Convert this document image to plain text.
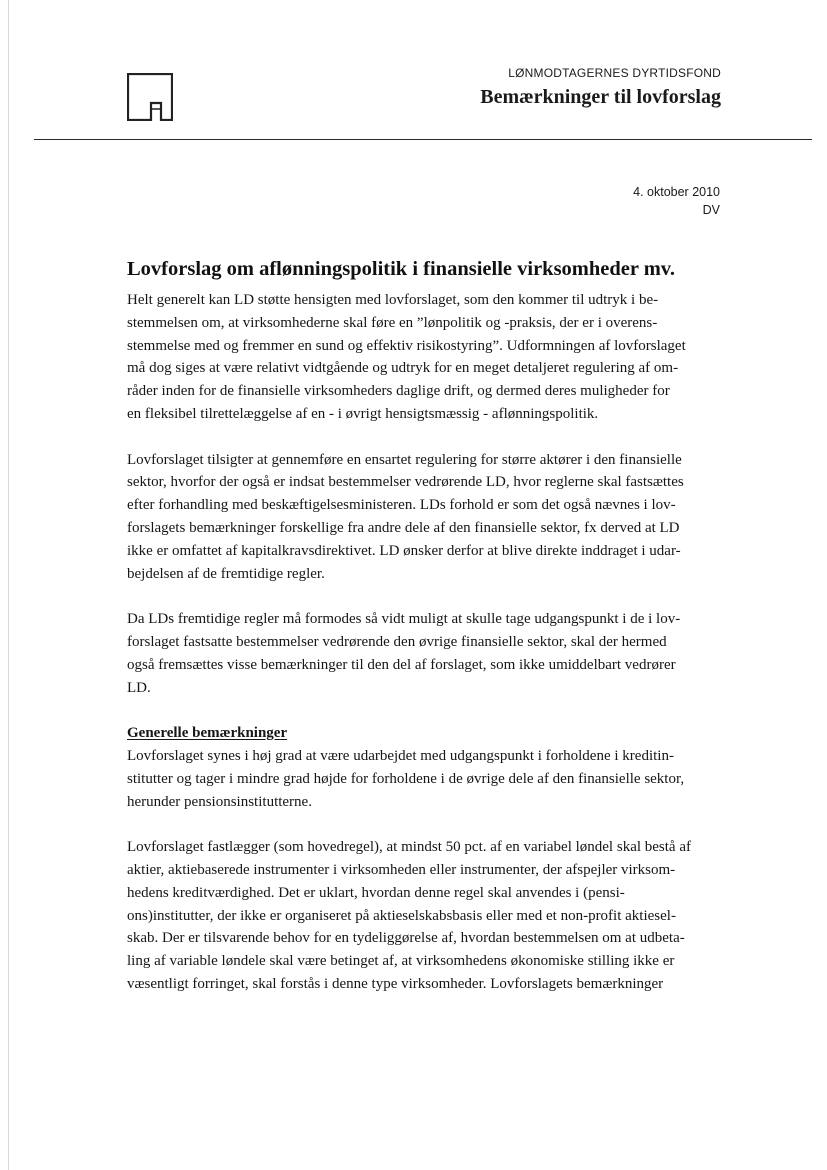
LØNMODTAGERNES DYRTIDSFOND
Bemærkninger til lovforslag
4. oktober 2010
DV
Lovforslag om aflønningspolitik i finansielle virksomheder mv.

Helt generelt kan LD støtte hensigten med lovforslaget, som den kommer til udtryk i be-
stemmelsen om, at virksomhederne skal føre en ”lønpolitik og -praksis, der er i overens-
stemmelse med og fremmer en sund og effektiv risikostyring”. Udformningen af lovforslaget
må dog siges at være relativt vidtgående og udtryk for en meget detaljeret regulering af om-
råder inden for de finansielle virksomheders daglige drift, og dermed deres muligheder for
en fleksibel tilrettelæggelse af en - i øvrigt hensigtsmæssig - aflønningspolitik.

Lovforslaget tilsigter at gennemføre en ensartet regulering for større aktører i den finansielle
sektor, hvorfor der også er indsat bestemmelser vedrørende LD, hvor reglerne skal fastsættes
efter forhandling med beskæftigelsesministeren. LDs forhold er som det også nævnes i lov-
forslagets bemærkninger forskellige fra andre dele af den finansielle sektor, fx derved at LD
ikke er omfattet af kapitalkravsdirektivet. LD ønsker derfor at blive direkte inddraget i udar-
bejdelsen af de fremtidige regler.

Da LDs fremtidige regler må formodes så vidt muligt at skulle tage udgangspunkt i de i lov-
forslaget fastsatte bestemmelser vedrørende den øvrige finansielle sektor, skal der hermed
også fremsættes visse bemærkninger til den del af forslaget, som ikke umiddelbart vedrører
LD.

Generelle bemærkninger

Lovforslaget synes i høj grad at være udarbejdet med udgangspunkt i forholdene i kreditin-
stitutter og tager i mindre grad højde for forholdene i de øvrige dele af den finansielle sektor,
herunder pensionsinstitutterne.

Lovforslaget fastlægger (som hovedregel), at mindst 50 pct. af en variabel løndel skal bestå af
aktier, aktiebaserede instrumenter i virksomheden eller instrumenter, der afspejler virksom-
hedens kreditværdighed. Det er uklart, hvordan denne regel skal anvendes i (pensi-
ons)institutter, der ikke er organiseret på aktieselskabsbasis eller med et non-profit aktiesel-
skab. Der er tilsvarende behov for en tydeliggørelse af, hvordan bestemmelsen om at udbeta-
ling af variable løndele skal være betinget af, at virksomhedens økonomiske stilling ikke er
væsentligt forringet, skal forstås i denne type virksomheder. Lovforslagets bemærkninger
